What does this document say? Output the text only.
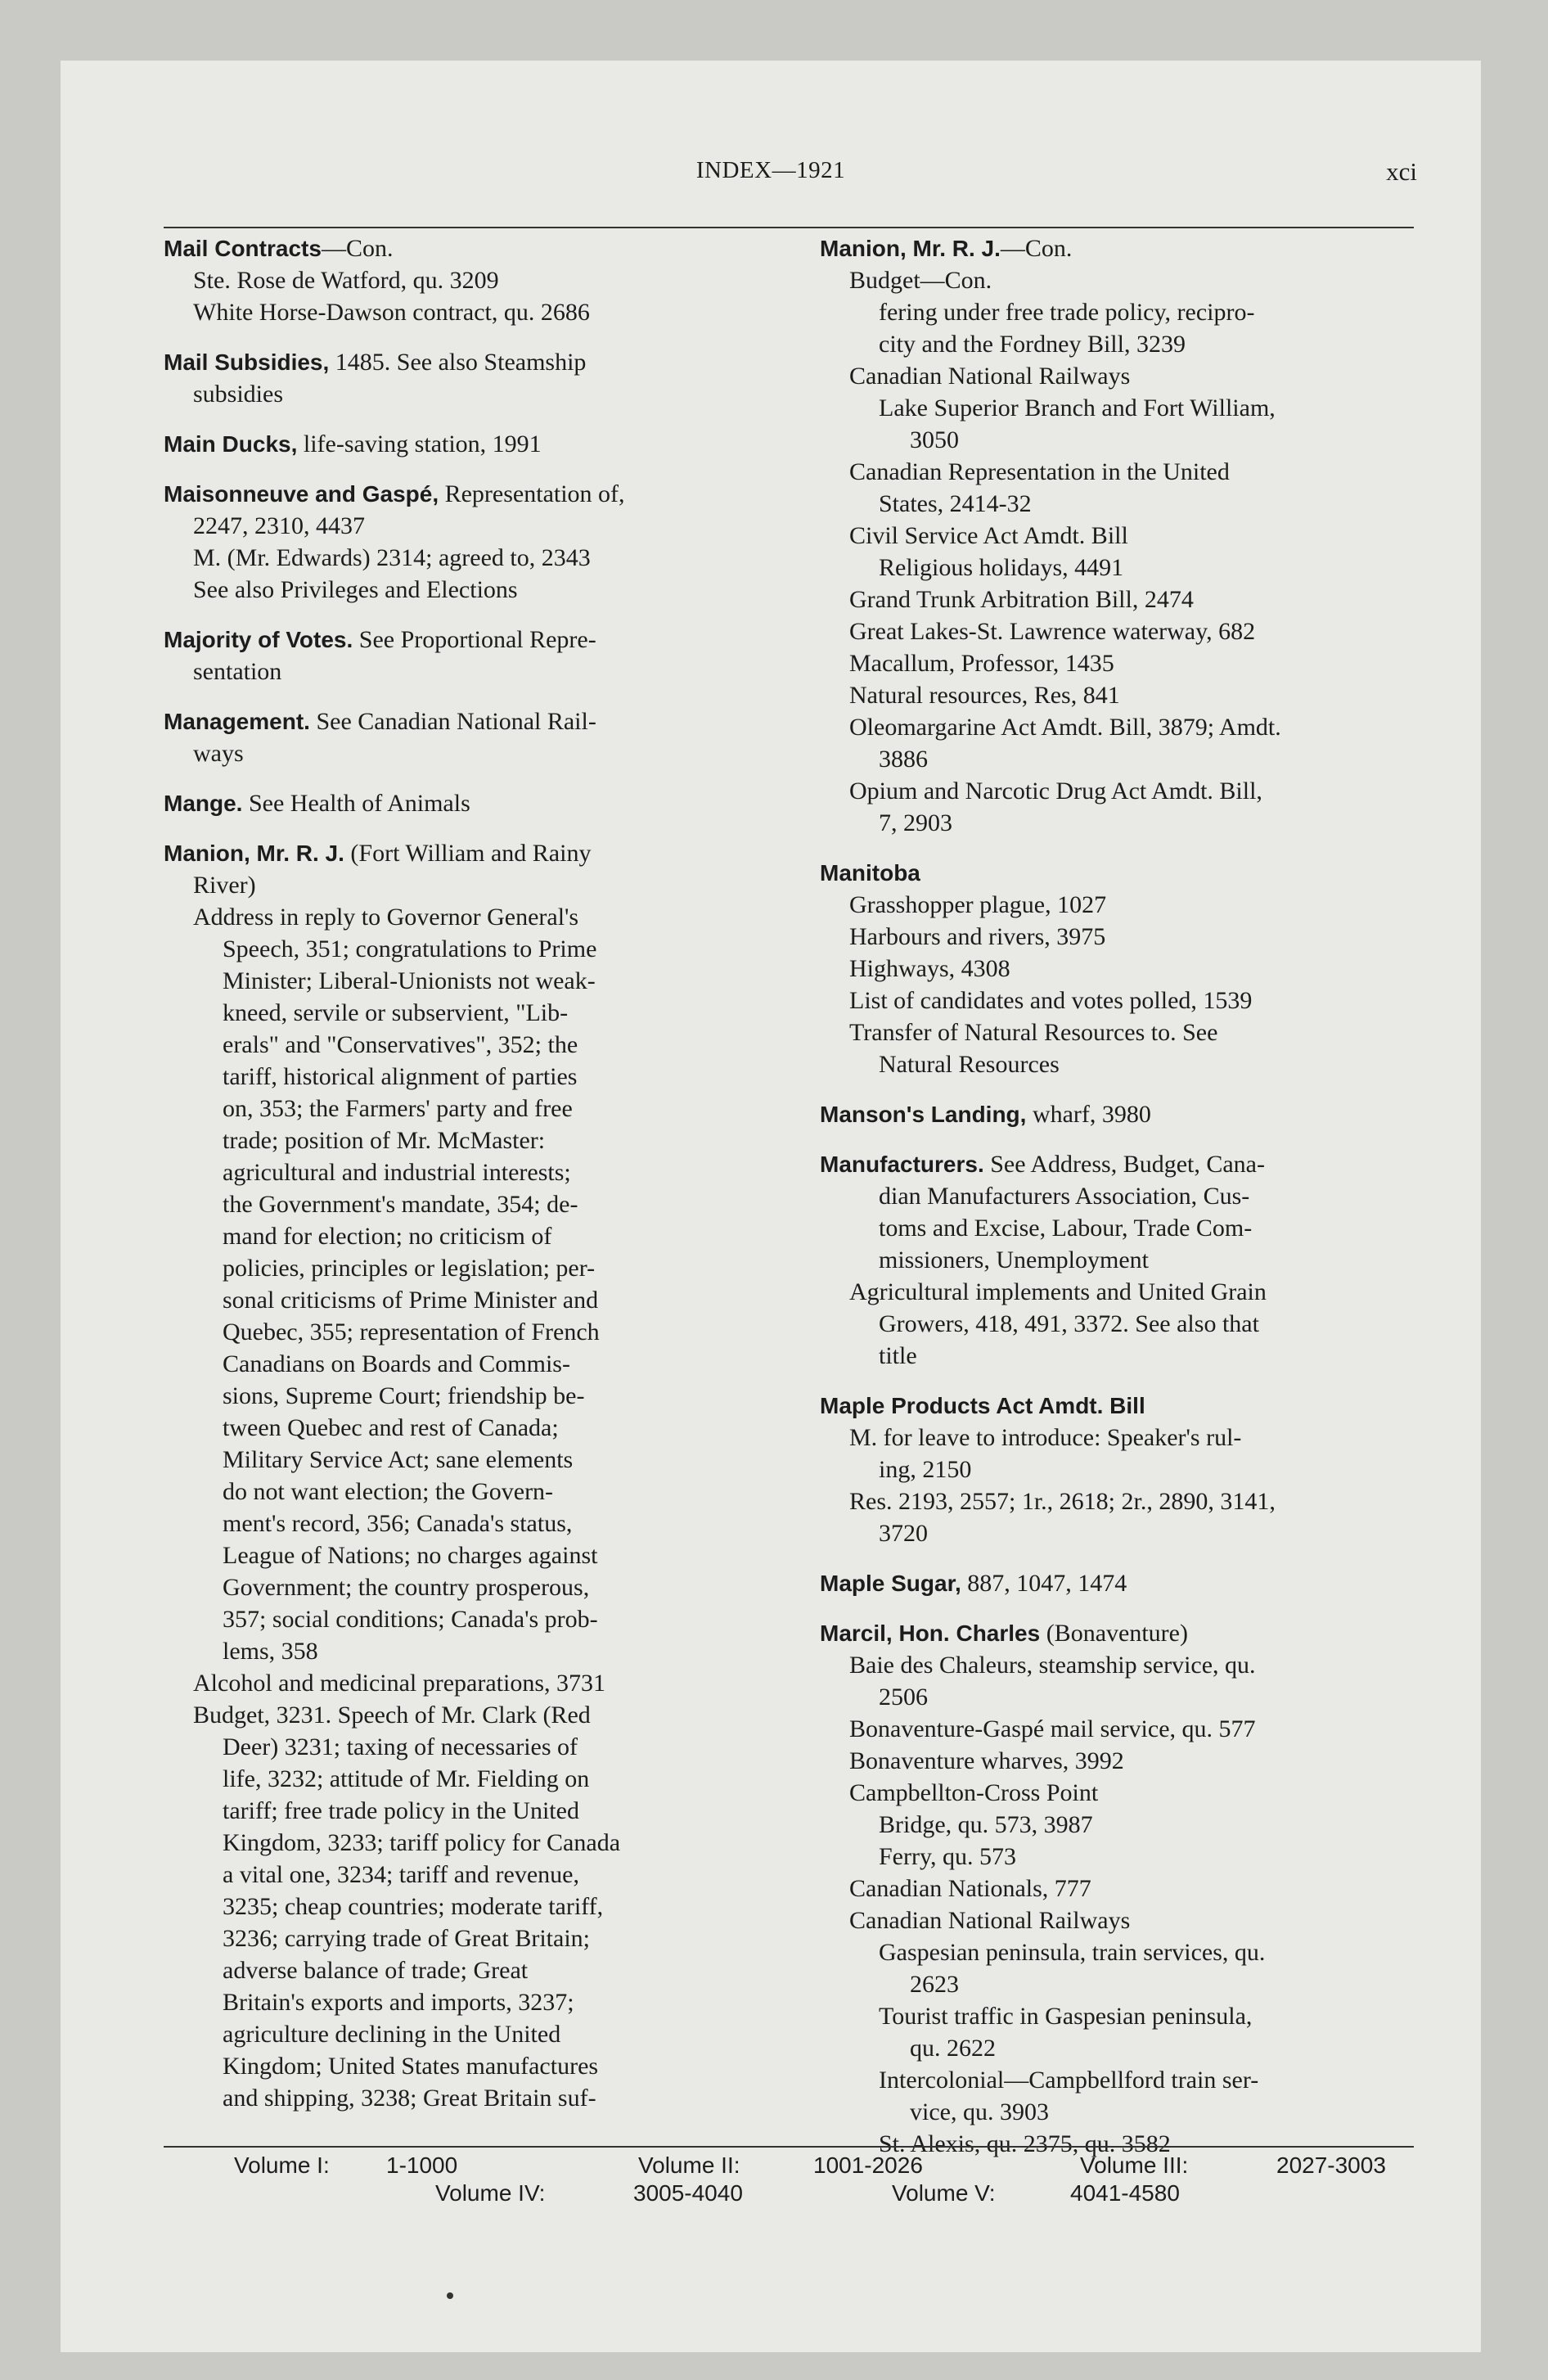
INDEX—1921	xci
Mail Contracts—Con.
Ste. Rose de Watford, qu. 3209
White Horse-Dawson contract, qu. 2686
Mail Subsidies, 1485. See also Steamship
subsidies
Main Ducks, life-saving station, 1991
Maisonneuve and Gaspé, Representation of,
2247, 2310, 4437
M. (Mr. Edwards) 2314; agreed to, 2343
See also Privileges and Elections
Majority of Votes. See Proportional Repre-
sentation
Management. See Canadian National Rail-
ways
Mange. See Health of Animals
Manion, Mr. R. J. (Fort William and Rainy
River)
Address in reply to Governor General's
Speech, 351; congratulations to Prime
Minister; Liberal-Unionists not weak-
kneed, servile or subservient, "Lib-
erals" and "Conservatives", 352; the
tariff, historical alignment of parties
on, 353; the Farmers' party and free
trade; position of Mr. McMaster:
agricultural and industrial interests;
the Government's mandate, 354; de-
mand for election; no criticism of
policies, principles or legislation; per-
sonal criticisms of Prime Minister and
Quebec, 355; representation of French
Canadians on Boards and Commis-
sions, Supreme Court; friendship be-
tween Quebec and rest of Canada;
Military Service Act; sane elements
do not want election; the Govern-
ment's record, 356; Canada's status,
League of Nations; no charges against
Government; the country prosperous,
357; social conditions; Canada's prob-
lems, 358
Alcohol and medicinal preparations, 3731
Budget, 3231. Speech of Mr. Clark (Red
Deer) 3231; taxing of necessaries of
life, 3232; attitude of Mr. Fielding on
tariff; free trade policy in the United
Kingdom, 3233; tariff policy for Canada
a vital one, 3234; tariff and revenue,
3235; cheap countries; moderate tariff,
3236; carrying trade of Great Britain;
adverse balance of trade; Great
Britain's exports and imports, 3237;
agriculture declining in the United
Kingdom; United States manufactures
and shipping, 3238; Great Britain suf-
Manion, Mr. R. J.—Con.
Budget—Con.
fering under free trade policy, recipro-
city and the Fordney Bill, 3239
Canadian National Railways
Lake Superior Branch and Fort William,
3050
Canadian Representation in the United
States, 2414-32
Civil Service Act Amdt. Bill
Religious holidays, 4491
Grand Trunk Arbitration Bill, 2474
Great Lakes-St. Lawrence waterway, 682
Macallum, Professor, 1435
Natural resources, Res, 841
Oleomargarine Act Amdt. Bill, 3879; Amdt.
3886
Opium and Narcotic Drug Act Amdt. Bill,
7, 2903
Manitoba
Grasshopper plague, 1027
Harbours and rivers, 3975
Highways, 4308
List of candidates and votes polled, 1539
Transfer of Natural Resources to. See
Natural Resources
Manson's Landing, wharf, 3980
Manufacturers. See Address, Budget, Cana-
dian Manufacturers Association, Cus-
toms and Excise, Labour, Trade Com-
missioners, Unemployment
Agricultural implements and United Grain
Growers, 418, 491, 3372. See also that
title
Maple Products Act Amdt. Bill
M. for leave to introduce: Speaker's rul-
ing, 2150
Res. 2193, 2557; 1r., 2618; 2r., 2890, 3141,
3720
Maple Sugar, 887, 1047, 1474
Marcil, Hon. Charles (Bonaventure)
Baie des Chaleurs, steamship service, qu.
2506
Bonaventure-Gaspé mail service, qu. 577
Bonaventure wharves, 3992
Campbellton-Cross Point
Bridge, qu. 573, 3987
Ferry, qu. 573
Canadian Nationals, 777
Canadian National Railways
Gaspesian peninsula, train services, qu.
2623
Tourist traffic in Gaspesian peninsula,
qu. 2622
Intercolonial—Campbellford train ser-
vice, qu. 3903
St. Alexis, qu. 2375, qu. 3582
Volume I: 1-1000	Volume II:	1001-2026	Volume III:	2027-3003
Volume IV:	3005-4040	Volume V:	4041-4580
